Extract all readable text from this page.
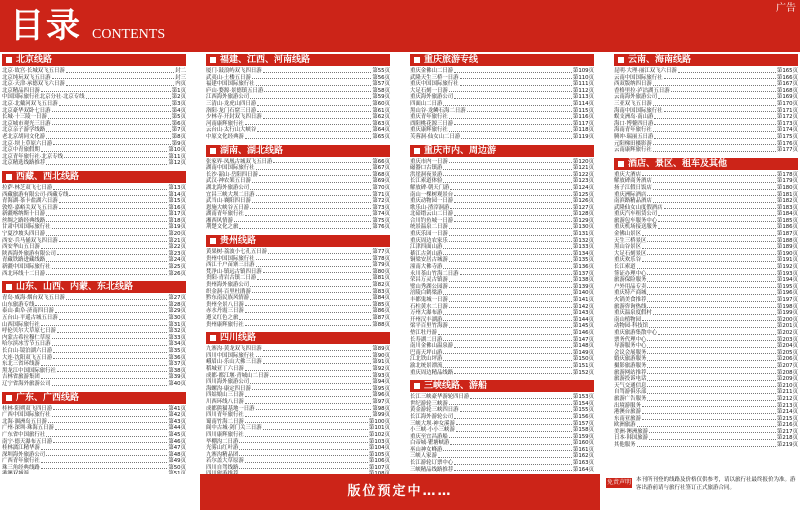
目录 CONTENTS
广告
北京线路
北京·故宫·长城双飞五日游	封二
北京纯玩双飞五日游	封三
北京·天津·承德双飞六日游	内页
北京精品四日游	第1页
中国国际旅行社北京分社·北京专线	第2页
北京·北戴河双飞五日游	第3页
北京豪华双卧七日游	第4页
长城·十三陵一日游	第5页
北京城市观光三日游	第6页
北京亲子游学线路	第7页
老北京胡同文化游	第8页
北京·坝上草原六日游	第9页
北京中青旅假期	第10页
北京青年旅行社·北京专线	第11页
北京精选线路推荐	第12页
西藏、西北线路
拉萨·林芝双飞七日游	第13页
西藏旅游有限公司·西藏专线	第14页
青海湖·茶卡盐湖六日游	第15页
敦煌·嘉峪关双飞五日游	第16页
新疆喀纳斯十日游	第17页
丝绸之路经典线路	第18页
甘肃中国国际旅行社	第19页
宁夏沙坡头四日游	第20页
西安·兵马俑双飞四日游	第21页
西安华山五日游	第22页
陕西海外旅游有限公司	第23页
青藏铁路进藏线路	第24页
新疆中国国际旅行社	第25页
西北环线十二日游	第26页
山东、山西、内蒙、东北线路
青岛·威海·烟台双飞五日游	第27页
山东旅游专线	第28页
泰山·曲阜·济南四日游	第29页
五台山·平遥古城五日游	第30页
山西国际旅行社	第31页
呼伦贝尔大草原七日游	第32页
内蒙古希拉穆仁草原	第33页
哈尔滨冰雪节五日游	第34页
长白山·镜泊湖六日游	第35页
大连·沈阳双飞五日游	第36页
东北三省环线游	第37页
黑龙江中国国际旅行社	第38页
吉林省旅游集团	第39页
辽宁省海外旅游公司	第40页
广东、广西线路
桂林·阳朔双飞四日游	第41页
广西中国国际旅行社	第42页
北海·涠洲岛五日游	第43页
广州·深圳·珠海五日游	第44页
广东省中国旅行社	第45页
南宁·德天瀑布五日游	第46页
桂林漓江精华游	第47页
深圳海外旅游公司	第48页
广西青年旅行社	第49页
珠三角经典线路	第50页
福建、江西、河南线路
厦门·鼓浪屿双飞四日游	第55页
武夷山·土楼五日游	第56页
福建中国国际旅行社	第57页
庐山·婺源·景德镇五日游	第58页
江西海外旅游公司	第59页
三清山·龙虎山四日游	第60页
洛阳·龙门石窟三日游	第61页
少林寺·开封双飞四日游	第62页
河南康辉旅行社	第63页
云台山·太行山大峡谷	第64页
中原文化经典游	第65页
湖南、湖北线路
张家界·凤凰古城双飞五日游	第66页
湖南中国国际旅行社	第67页
长沙·韶山·岳阳四日游	第68页
武汉·神农架五日游	第69页
湖北海外旅游公司	第70页
宜昌三峡大坝二日游	第71页
武当山·襄阳四日游	第72页
恩施大峡谷五日游	第73页
湖南青年旅行社	第74页
湘西风情游	第75页
荆楚文化之旅	第76页
贵州线路
黄果树·荔波小七孔五日游	第77页
贵州中国国际旅行社	第78页
西江千户苗寨三日游	第79页
梵净山·镇远古镇四日游	第80页
贵阳·青岩古镇二日游	第81页
贵州海外旅游公司	第82页
织金洞·百里杜鹃游	第83页
黔东南民族风情游	第84页
贵州全景八日游	第85页
赤水丹霞三日游	第86页
遵义红色之旅	第87页
贵州康辉旅行社	第88页
四川线路
九寨沟·黄龙双飞四日游	第89页
四川中国国际旅行社	第90页
峨眉山·乐山大佛三日游	第91页
稻城亚丁六日游	第92页
成都·都江堰·青城山二日游	第93页
四川海外旅游公司	第94页
海螺沟·康定四日游	第95页
四姑娘山三日游	第96页
川西环线八日游	第97页
成都熊猫基地一日游	第98页
四川青年旅行社	第99页
蜀南竹海二日游	第100页
阆中古城·剑门关三日游	第101页
四川康辉旅行社	第102页
毕棚沟二日游	第103页
光雾山红叶游	第104页
九寨沟精品团	第105页
若尔盖大草原游	第106页
四川自驾线路	第107页
重庆旅游专线
重庆金佛山二日游	第109页
武隆天生三桥一日游	第110页
重庆中国国际旅行社	第111页
大足石刻一日游	第112页
重庆海外旅游公司	第113页
四面山二日游	第114页
黑山谷·龙鳞石海二日游	第115页
重庆青年旅行社	第116页
酉阳桃花源三日游	第117页
重庆康辉旅行社	第118页
芙蓉洞·仙女山二日游	第119页
重庆市内、周边游
重庆市内一日游	第120页
磁器口古镇游	第121页
洪崖洞夜景游	第122页
长江索道体验	第123页
解放碑·朝天门游	第124页
南山一棵树观景台	第125页
重庆动物园一日游	第126页
歌乐山·渣滓洞游	第127页
北碚缙云山二日游	第128页
合川钓鱼城一日游	第129页
统景温泉二日游	第130页
重庆乐园一日游	第131页
重庆周边农家乐	第132页
江津四面山游	第133页
綦江古剑山游	第134页
铜梁安居古城游	第135页
潼南大佛寺游	第136页
永川茶山竹海二日游	第137页
荣昌万灵古镇游	第138页
璧山秀湖公园游	第139页
涪陵白鹤梁游	第140页
丰都鬼城一日游	第141页
石柱黄水二日游	第142页
万州大瀑布游	第143页
开州汉丰湖游	第144页
梁平百里竹海游	第145页
垫江牡丹游	第146页
长寿湖二日游	第147页
南川金佛山温泉游	第148页
巴南天坪山游	第149页
江北铁山坪游	第150页
渝北统景漂流	第151页
重庆周边精品线路	第152页
三峡线路、游船
长江三峡豪华游轮四日游	第153页
世纪游轮三峡游	第154页
黄金游轮三峡四日游	第155页
长江海外游轮公司	第156页
三峡大坝·神女溪游	第157页
小三峡·小小三峡游	第158页
重庆至宜昌游船	第159页
白帝城·瞿塘峡游	第160页
巫山神女峰游	第161页
三峡人家游	第162页
长江游轮订票中心	第163页
三峡精品线路推荐	第164页
云南、海南线路
昆明·大理·丽江双飞六日游	第165页
云南中国国际旅行社	第166页
西双版纳四日游	第167页
香格里拉·泸沽湖五日游	第168页
云南海外旅游公司	第169页
三亚双飞五日游	第170页
海南中国国际旅行社	第171页
蜈支洲岛·南山游	第172页
海口·博鳌四日游	第173页
海南青年旅行社	第174页
腾冲·瑞丽五日游	第175页
元阳梯田摄影游	第176页
云南康辉旅行社	第177页
酒店、景区、租车及其他
重庆大酒店	第178页
解放碑商务酒店	第179页
扬子江假日饭店	第180页
重庆洲际酒店	第181页
南滨路精品酒店	第182页
武隆仙女山度假酒店	第183页
重庆汽车租赁公司	第184页
旅游包车服务中心	第185页
重庆机场接送服务	第186页
金佛山景区	第187页
天生三桥景区	第188页
黑山谷景区	第189页
大足石刻景区	第190页
重庆欢乐谷	第191页
长江索道	第192页
签证办理中心	第193页
旅游保险服务	第194页
户外用品专卖	第195页
重庆特产商城	第196页
火锅美食推荐	第197页
旅游咨询热线	第198页
重庆温泉度假村	第199页
南山植物园	第200页
动物园·科技馆	第201页
重庆旅游集散中心	第202页
票务代理中心	第203页
导游服务中心	第204页
会议会展服务	第205页
婚庆旅游服务	第206页
摄影旅游服务	第207页
旅游网站推荐	第208页
旅游投诉电话	第209页
天气交通信息	第210页
自驾游俱乐部	第211页
旅游广告服务	第212页
出境游服务	第213页
港澳台旅游	第214页
东南亚旅游	第215页
欧洲旅游	第216页
美洲·澳洲旅游	第217页
日本·韩国旅游	第218页
其他服务	第219页
版位预定中……
免责声明 本刊所刊登的线路及价格仅供参考，请以旅行社最终报价为准。游客出游前请与旅行社签订正式旅游合同。
